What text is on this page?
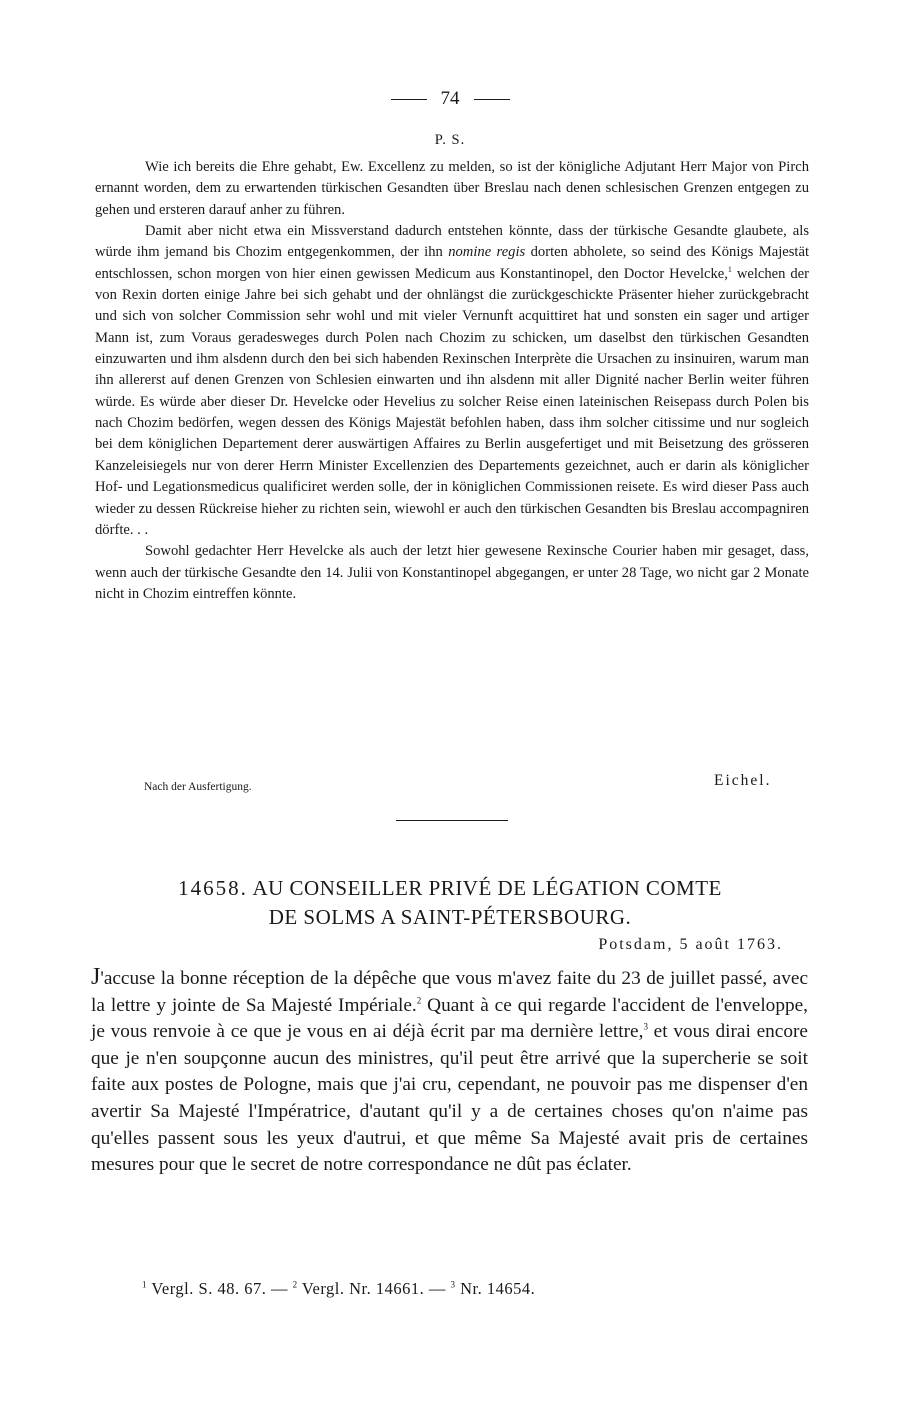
74
P. S.

Wie ich bereits die Ehre gehabt, Ew. Excellenz zu melden, so ist der königliche Adjutant Herr Major von Pirch ernannt worden, dem zu erwartenden türkischen Gesandten über Breslau nach denen schlesischen Grenzen entgegen zu gehen und ersteren darauf anher zu führen.

Damit aber nicht etwa ein Missverstand dadurch entstehen könnte, dass der türkische Gesandte glaubete, als würde ihm jemand bis Chozim entgegenkommen, der ihn nomine regis dorten abholete, so seind des Königs Majestät entschlossen, schon morgen von hier einen gewissen Medicum aus Konstantinopel, den Doctor Hevelcke,$^1$ welchen der von Rexin dorten einige Jahre bei sich gehabt und der ohnlängst die zurückgeschickte Präsenter hieher zurückgebracht und sich von solcher Commission sehr wohl und mit vieler Vernunft acquittiret hat und sonsten ein sager und artiger Mann ist, zum Voraus geradesweges durch Polen nach Chozim zu schicken, um daselbst den türkischen Gesandten einzuwarten und ihm alsdenn durch den bei sich habenden Rexinschen Interprète die Ursachen zu insinuiren, warum man ihn allererst auf denen Grenzen von Schlesien einwarten und ihn alsdenn mit aller Dignité nacher Berlin weiter führen würde. Es würde aber dieser Dr. Hevelcke oder Hevelius zu solcher Reise einen lateinischen Reisepass durch Polen bis nach Chozim bedörfen, wegen dessen des Königs Majestät befohlen haben, dass ihm solcher citissime und nur sogleich bei dem königlichen Departement derer auswärtigen Affaires zu Berlin ausgefertiget und mit Beisetzung des grösseren Kanzeleisiegels nur von derer Herrn Minister Excellenzien des Departements gezeichnet, auch er darin als königlicher Hof- und Legationsmedicus qualificiret werden solle, der in königlichen Commissionen reisete. Es wird dieser Pass auch wieder zu dessen Rückreise hieher zu richten sein, wiewohl er auch den türkischen Gesandten bis Breslau accompagniren dörfte. . .

Sowohl gedachter Herr Hevelcke als auch der letzt hier gewesene Rexinsche Courier haben mir gesaget, dass, wenn auch der türkische Gesandte den 14. Julii von Konstantinopel abgegangen, er unter 28 Tage, wo nicht gar 2 Monate nicht in Chozim eintreffen könnte.

Nach der Ausfertigung.	Eichel.
14658. AU CONSEILLER PRIVÉ DE LÉGATION COMTE
DE SOLMS A SAINT-PÉTERSBOURG.
Potsdam, 5 août 1763.

J'accuse la bonne réception de la dépêche que vous m'avez faite du 23 de juillet passé, avec la lettre y jointe de Sa Majesté Impériale.$^2$ Quant à ce qui regarde l'accident de l'enveloppe, je vous renvoie à ce que je vous en ai déjà écrit par ma dernière lettre,$^3$ et vous dirai encore que je n'en soupçonne aucun des ministres, qu'il peut être arrivé que la supercherie se soit faite aux postes de Pologne, mais que j'ai cru, cependant, ne pouvoir pas me dispenser d'en avertir Sa Majesté l'Impératrice, d'autant qu'il y a de certaines choses qu'on n'aime pas qu'elles passent sous les yeux d'autrui, et que même Sa Majesté avait pris de certaines mesures pour que le secret de notre correspondance ne dût pas éclater.

$^1$ Vergl. S. 48. 67. — $^2$ Vergl. Nr. 14661. — $^3$ Nr. 14654.
